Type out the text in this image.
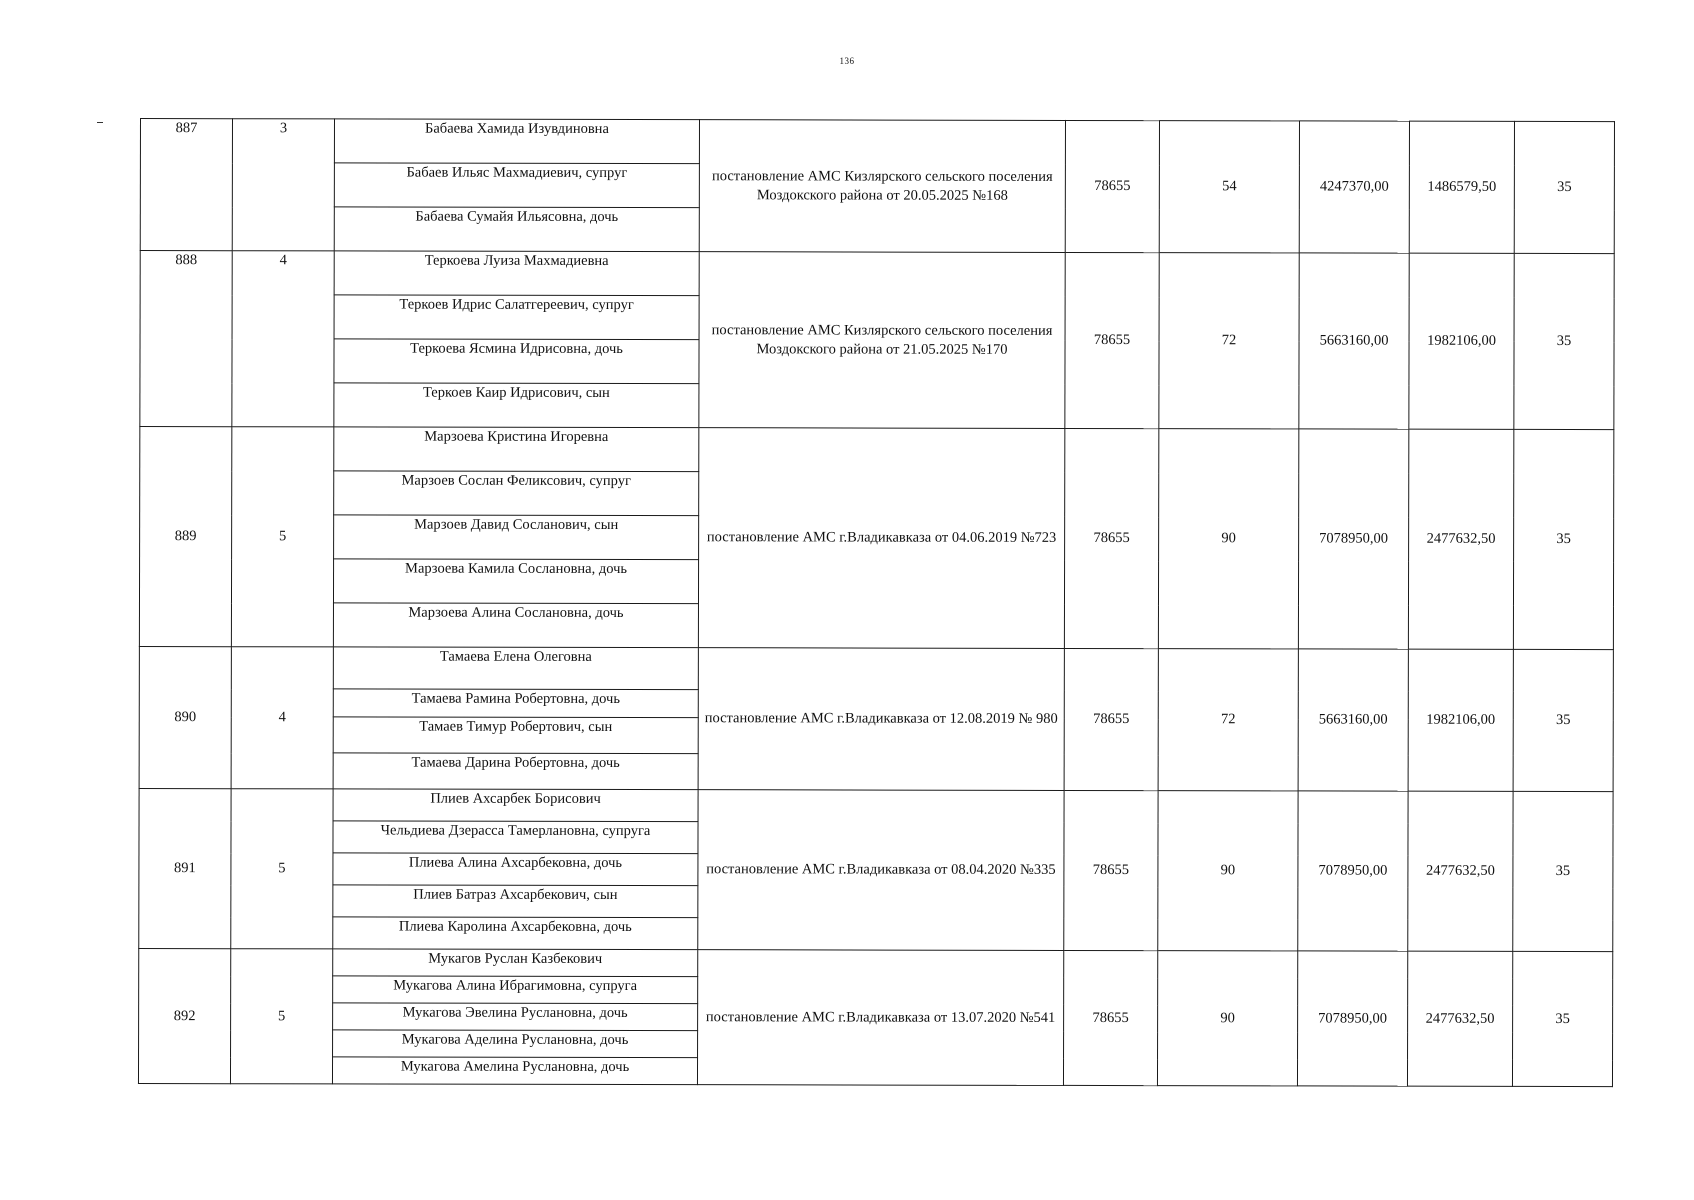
136
887	3	Бабаева Хамида Изувдиновна	постановление АМС Кизлярского сельского поселения Моздокского района от 20.05.2025 №168	78655	54	4247370,00	1486579,50	35
		Бабаев Ильяс Махмадиевич, супруг						
		Бабаева Сумайя Ильясовна, дочь						
888	4	Теркоева Луиза Махмадиевна	постановление АМС Кизлярского сельского поселения Моздокского района от 21.05.2025 №170	78655	72	5663160,00	1982106,00	35
		Теркоев Идрис Салатгереевич, супруг						
		Теркоева Ясмина Идрисовна, дочь						
		Теркоев Каир Идрисович, сын						
889	5	Марзоева Кристина Игоревна	постановление АМС г.Владикавказа от 04.06.2019 №723	78655	90	7078950,00	2477632,50	35
		Марзоев Сослан Феликсович, супруг						
		Марзоев Давид Сосланович, сын						
		Марзоева Камила Сослановна, дочь						
		Марзоева Алина Сослановна, дочь						
890	4	Тамаева Елена Олеговна	постановление АМС г.Владикавказа от 12.08.2019 № 980	78655	72	5663160,00	1982106,00	35
		Тамаева Рамина Робертовна, дочь						
		Тамаев Тимур Робертович, сын						
		Тамаева Дарина Робертовна, дочь						
891	5	Плиев Ахсарбек Борисович	постановление АМС г.Владикавказа от 08.04.2020 №335	78655	90	7078950,00	2477632,50	35
		Чельдиева Дзерасса Тамерлановна, супруга						
		Плиева Алина Ахсарбековна, дочь						
		Плиев Батраз Ахсарбекович, сын						
		Плиева Каролина Ахсарбековна, дочь						
892	5	Мукагов Руслан Казбекович	постановление АМС г.Владикавказа от 13.07.2020 №541	78655	90	7078950,00	2477632,50	35
		Мукагова Алина Ибрагимовна, супруга						
		Мукагова Эвелина Руслановна, дочь						
		Мукагова Аделина Руслановна, дочь						
		Мукагова Амелина Руслановна, дочь						
